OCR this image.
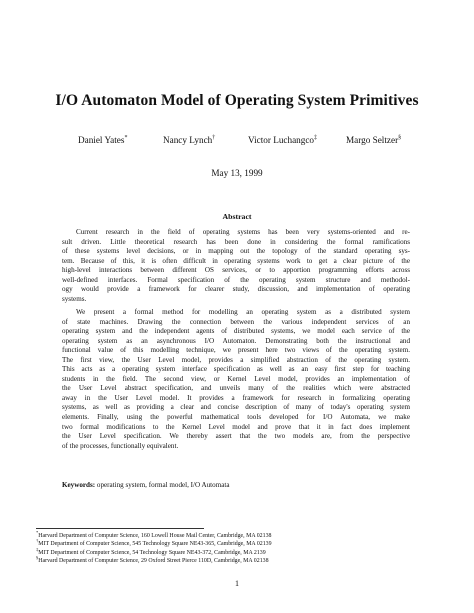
I/O Automaton Model of Operating System Primitives
Daniel Yates*	Nancy Lynch†	Victor Luchangco‡	Margo Seltzer§
May 13, 1999
Abstract
Current research in the field of operating systems has been very systems-oriented and re-
sult driven. Little theoretical research has been done in considering the formal ramifications
of these systems level decisions, or in mapping out the topology of the standard operating sys-
tem. Because of this, it is often difficult in operating systems work to get a clear picture of the
high-level interactions between different OS services, or to apportion programming efforts across
well-defined interfaces. Formal specification of the operating system structure and methodol-
ogy would provide a framework for clearer study, discussion, and implementation of operating
systems.
We present a formal method for modelling an operating system as a distributed system
of state machines. Drawing the connection between the various independent services of an
operating system and the independent agents of distributed systems, we model each service of the
operating system as an asynchronous I/O Automaton. Demonstrating both the instructional and
functional value of this modelling technique, we present here two views of the operating system.
The first view, the User Level model, provides a simplified abstraction of the operating system.
This acts as a operating system interface specification as well as an easy first step for teaching
students in the field. The second view, or Kernel Level model, provides an implementation of
the User Level abstract specification, and unveils many of the realities which were abstracted
away in the User Level model. It provides a framework for research in formalizing operating
systems, as well as providing a clear and concise description of many of today's operating system
elements. Finally, using the powerful mathematical tools developed for I/O Automata, we make
two formal modifications to the Kernel Level model and prove that it in fact does implement
the User Level specification. We thereby assert that the two models are, from the perspective
of the processes, functionally equivalent.
Keywords: operating system, formal model, I/O Automata
*Harvard Department of Computer Science, 160 Lowell House Mail Center, Cambridge, MA 02138
†MIT Department of Computer Science, 545 Technology Square NE43-365, Cambridge, MA 02139
‡MIT Department of Computer Science, 54 Technology Square NE43-372, Cambridge, MA 2139
§Harvard Department of Computer Science, 29 Oxford Street Pierce 110D, Cambridge, MA 02138
1
